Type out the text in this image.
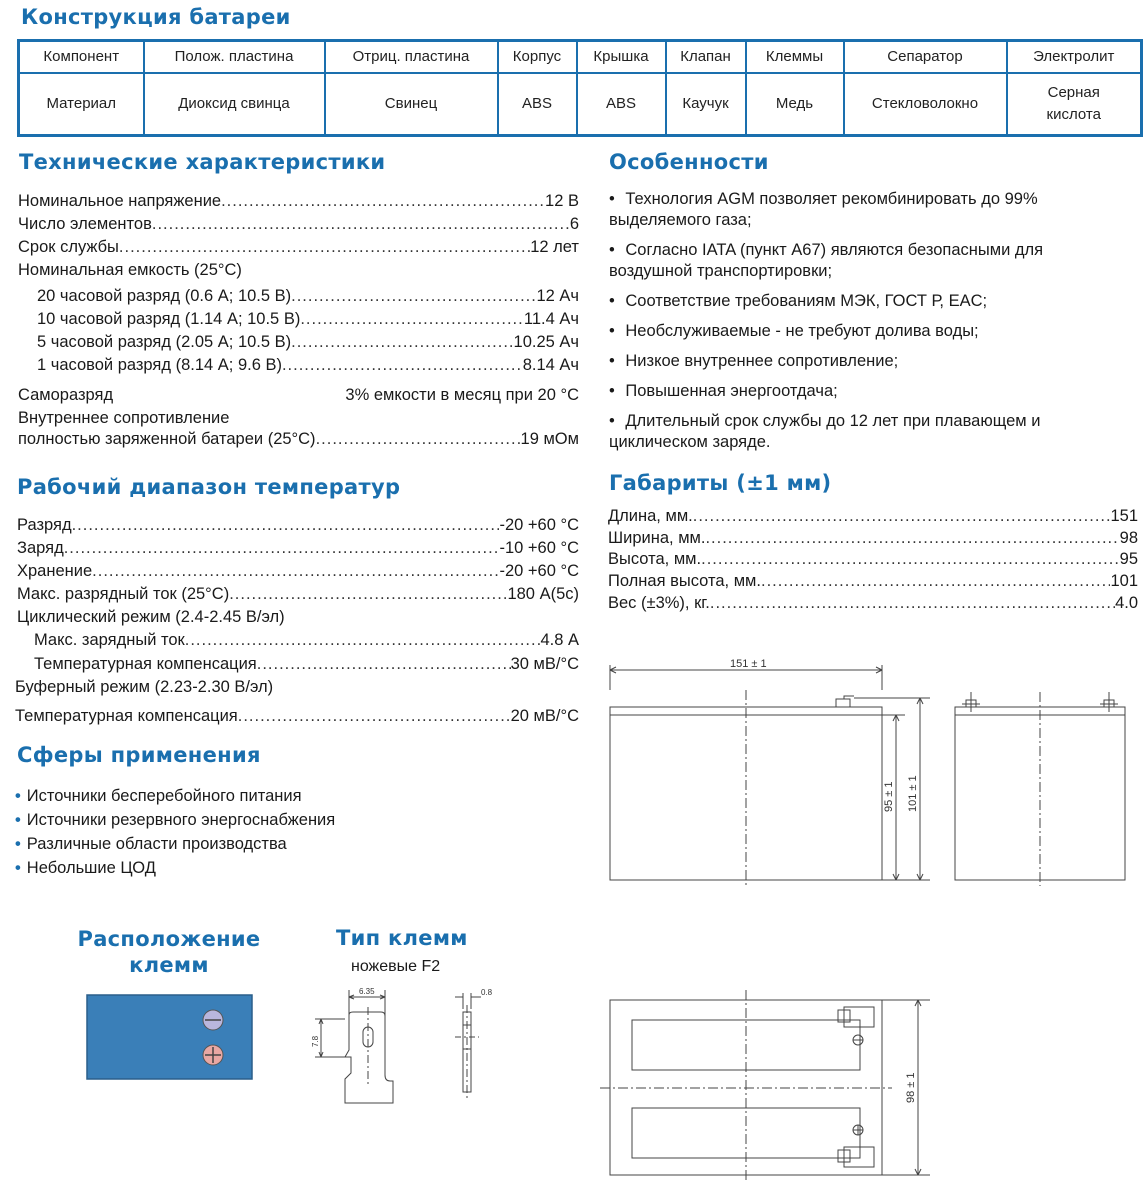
Конструкция батареи
Компонент	Полож. пластина	Отриц. пластина	Корпус	Крышка	Клапан	Клеммы	Сепаратор	Электролит
Материал	Диоксид свинца	Свинец	ABS	ABS	Каучук	Медь	Стекловолокно	Серная кислота
Технические характеристики
Номинальное напряжение .....	12 В
Число элементов .....	6
Срок службы .....	12 лет
Номинальная емкость (25°С)
20 часовой разряд (0.6 А; 10.5 В) .....	12 Ач
10 часовой разряд (1.14 А; 10.5 В) .....	11.4 Ач
5 часовой разряд (2.05 А; 10.5 В) .....	10.25 Ач
1 часовой разряд (8.14 А; 9.6 В) .....	8.14 Ач
Саморазряд	3% емкости в месяц при 20 °С
Внутреннее сопротивление
полностью заряженной батареи (25°С) .....	19 мОм
Рабочий диапазон температур
Разряд .....	-20 +60 °С
Заряд .....	-10 +60 °С
Хранение .....	-20 +60 °С
Макс. разрядный ток (25°С) .....	180 А(5с)
Циклический режим (2.4-2.45 В/эл)
Макс. зарядный ток .....	4.8 А
Температурная компенсация .....	30 мВ/°С
Буферный режим (2.23-2.30 В/эл)
Температурная компенсация .....	20 мВ/°С
Сферы применения
• Источники бесперебойного питания
• Источники резервного энергоснабжения
• Различные области производства
• Небольшие ЦОД
Особенности
• Технология AGM позволяет рекомбинировать до 99%
выделяемого газа;
• Согласно IATA (пункт А67) являются безопасными для
воздушной транспортировки;
• Соответствие требованиям МЭК, ГОСТ Р, EAC;
• Необслуживаемые - не требуют долива воды;
• Низкое внутреннее сопротивление;
• Повышенная энергоотдача;
• Длительный срок службы до 12 лет при плавающем и
циклическом заряде.
Габариты (±1 мм)
Длина, мм. .....	151
Ширина, мм. .....	98
Высота, мм. .....	95
Полная высота, мм. .....	101
Вес (±3%), кг. .....	4.0
151 ± 1
95 ± 1 101 ± 1
98 ± 1
Расположение
клемм
Тип клемм
ножевые F2
6.35
7.8
0.8
